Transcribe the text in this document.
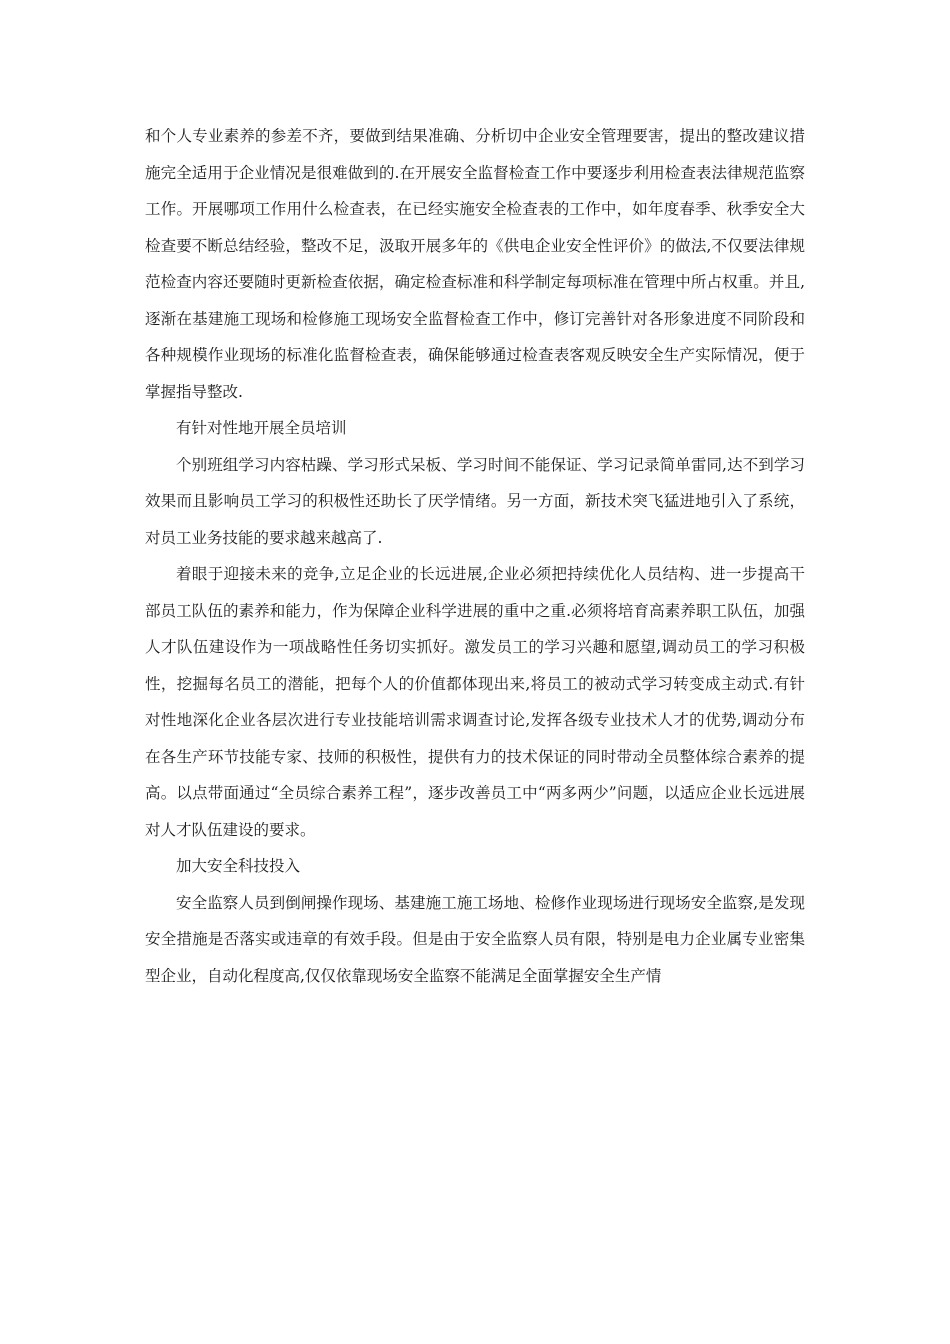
和个人专业素养的参差不齐，要做到结果准确、分析切中企业安全管理要害，提出的整改建议措施完全适用于企业情况是很难做到的.在开展安全监督检查工作中要逐步利用检查表法律规范监察工作。开展哪项工作用什么检查表，在已经实施安全检查表的工作中，如年度春季、秋季安全大检查要不断总结经验，整改不足，汲取开展多年的《供电企业安全性评价》的做法,不仅要法律规范检查内容还要随时更新检查依据，确定检查标准和科学制定每项标准在管理中所占权重。并且,逐渐在基建施工现场和检修施工现场安全监督检查工作中，修订完善针对各形象进度不同阶段和各种规模作业现场的标准化监督检查表，确保能够通过检查表客观反映安全生产实际情况，便于掌握指导整改.

有针对性地开展全员培训

个别班组学习内容枯躁、学习形式呆板、学习时间不能保证、学习记录简单雷同,达不到学习效果而且影响员工学习的积极性还助长了厌学情绪。另一方面，新技术突飞猛进地引入了系统，对员工业务技能的要求越来越高了.

着眼于迎接未来的竞争,立足企业的长远进展,企业必须把持续优化人员结构、进一步提高干部员工队伍的素养和能力，作为保障企业科学进展的重中之重.必须将培育高素养职工队伍，加强人才队伍建设作为一项战略性任务切实抓好。激发员工的学习兴趣和愿望,调动员工的学习积极性，挖掘每名员工的潜能，把每个人的价值都体现出来,将员工的被动式学习转变成主动式.有针对性地深化企业各层次进行专业技能培训需求调查讨论,发挥各级专业技术人才的优势,调动分布在各生产环节技能专家、技师的积极性，提供有力的技术保证的同时带动全员整体综合素养的提高。以点带面通过“全员综合素养工程”，逐步改善员工中“两多两少”问题，以适应企业长远进展对人才队伍建设的要求。

加大安全科技投入

安全监察人员到倒闸操作现场、基建施工施工场地、检修作业现场进行现场安全监察,是发现安全措施是否落实或违章的有效手段。但是由于安全监察人员有限，特别是电力企业属专业密集型企业，自动化程度高,仅仅依靠现场安全监察不能满足全面掌握安全生产情
